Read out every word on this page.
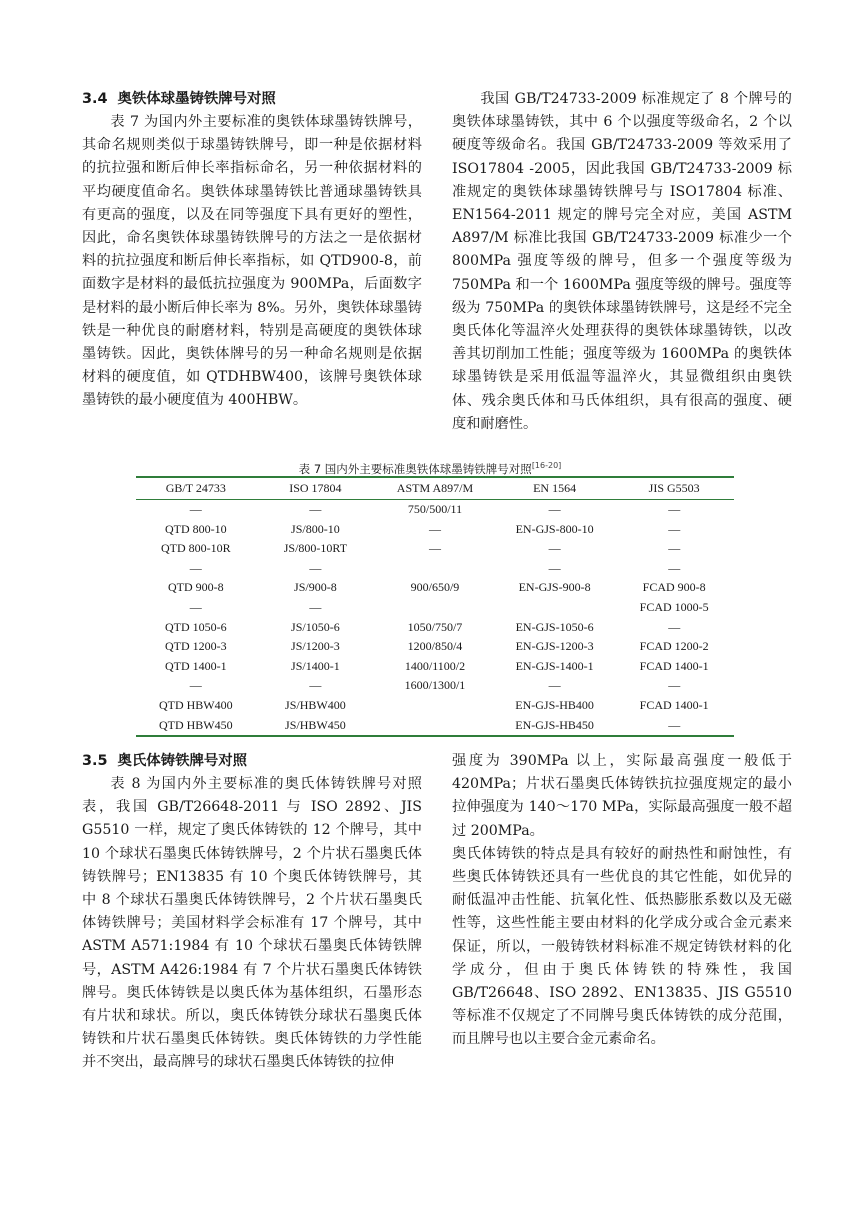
3.4 奥铁体球墨铸铁牌号对照

表 7 为国内外主要标准的奥铁体球墨铸铁牌号，其命名规则类似于球墨铸铁牌号，即一种是依据材料的抗拉强和断后伸长率指标命名，另一种依据材料的平均硬度值命名。奥铁体球墨铸铁比普通球墨铸铁具有更高的强度，以及在同等强度下具有更好的塑性，因此，命名奥铁体球墨铸铁牌号的方法之一是依据材料的抗拉强度和断后伸长率指标，如 QTD900-8，前面数字是材料的最低抗拉强度为 900MPa，后面数字是材料的最小断后伸长率为 8%。另外，奥铁体球墨铸铁是一种优良的耐磨材料，特别是高硬度的奥铁体球墨铸铁。因此，奥铁体牌号的另一种命名规则是依据材料的硬度值，如 QTDHBW400，该牌号奥铁体球墨铸铁的最小硬度值为 400HBW。

我国 GB/T24733-2009 标准规定了 8 个牌号的奥铁体球墨铸铁，其中 6 个以强度等级命名，2 个以硬度等级命名。我国 GB/T24733-2009 等效采用了 ISO17804 -2005，因此我国 GB/T24733-2009 标准规定的奥铁体球墨铸铁牌号与 ISO17804 标准、EN1564-2011 规定的牌号完全对应，美国 ASTM A897/M 标准比我国 GB/T24733-2009 标准少一个 800MPa 强度等级的牌号，但多一个强度等级为 750MPa 和一个 1600MPa 强度等级的牌号。强度等级为 750MPa 的奥铁体球墨铸铁牌号，这是经不完全奥氏体化等温淬火处理获得的奥铁体球墨铸铁，以改善其切削加工性能；强度等级为 1600MPa 的奥铁体球墨铸铁是采用低温等温淬火，其显微组织由奥铁体、残余奥氏体和马氏体组织，具有很高的强度、硬度和耐磨性。

表 7 国内外主要标准奥铁体球墨铸铁牌号对照[16-20]
GB/T 24733	ISO 17804	ASTM A897/M	EN 1564	JIS G5503
—	—	750/500/11	—	—
QTD 800-10	JS/800-10	—	EN-GJS-800-10	—
QTD 800-10R	JS/800-10RT	—	—	—
—	—		—	—
QTD 900-8	JS/900-8	900/650/9	EN-GJS-900-8	FCAD 900-8
—	—			FCAD 1000-5
QTD 1050-6	JS/1050-6	1050/750/7	EN-GJS-1050-6	—
QTD 1200-3	JS/1200-3	1200/850/4	EN-GJS-1200-3	FCAD 1200-2
QTD 1400-1	JS/1400-1	1400/1100/2	EN-GJS-1400-1	FCAD 1400-1
—	—	1600/1300/1	—	—
QTD HBW400	JS/HBW400		EN-GJS-HB400	FCAD 1400-1
QTD HBW450	JS/HBW450		EN-GJS-HB450	—
3.5 奥氏体铸铁牌号对照

表 8 为国内外主要标准的奥氏体铸铁牌号对照表，我国 GB/T26648-2011 与 ISO 2892、JIS G5510 一样，规定了奥氏体铸铁的 12 个牌号，其中 10 个球状石墨奥氏体铸铁牌号，2 个片状石墨奥氏体铸铁牌号；EN13835 有 10 个奥氏体铸铁牌号，其中 8 个球状石墨奥氏体铸铁牌号，2 个片状石墨奥氏体铸铁牌号；美国材料学会标准有 17 个牌号，其中 ASTM A571:1984 有 10 个球状石墨奥氏体铸铁牌号，ASTM A426:1984 有 7 个片状石墨奥氏体铸铁牌号。奥氏体铸铁是以奥氏体为基体组织，石墨形态有片状和球状。所以，奥氏体铸铁分球状石墨奥氏体铸铁和片状石墨奥氏体铸铁。奥氏体铸铁的力学性能并不突出，最高牌号的球状石墨奥氏体铸铁的拉伸

强度为 390MPa 以上，实际最高强度一般低于 420MPa；片状石墨奥氏体铸铁抗拉强度规定的最小拉伸强度为 140～170 MPa，实际最高强度一般不超过 200MPa。

奥氏体铸铁的特点是具有较好的耐热性和耐蚀性，有些奥氏体铸铁还具有一些优良的其它性能，如优异的耐低温冲击性能、抗氧化性、低热膨胀系数以及无磁性等，这些性能主要由材料的化学成分或合金元素来保证，所以，一般铸铁材料标准不规定铸铁材料的化学成分，但由于奥氏体铸铁的特殊性，我国 GB/T26648、ISO 2892、EN13835、JIS G5510 等标准不仅规定了不同牌号奥氏体铸铁的成分范围，而且牌号也以主要合金元素命名。
